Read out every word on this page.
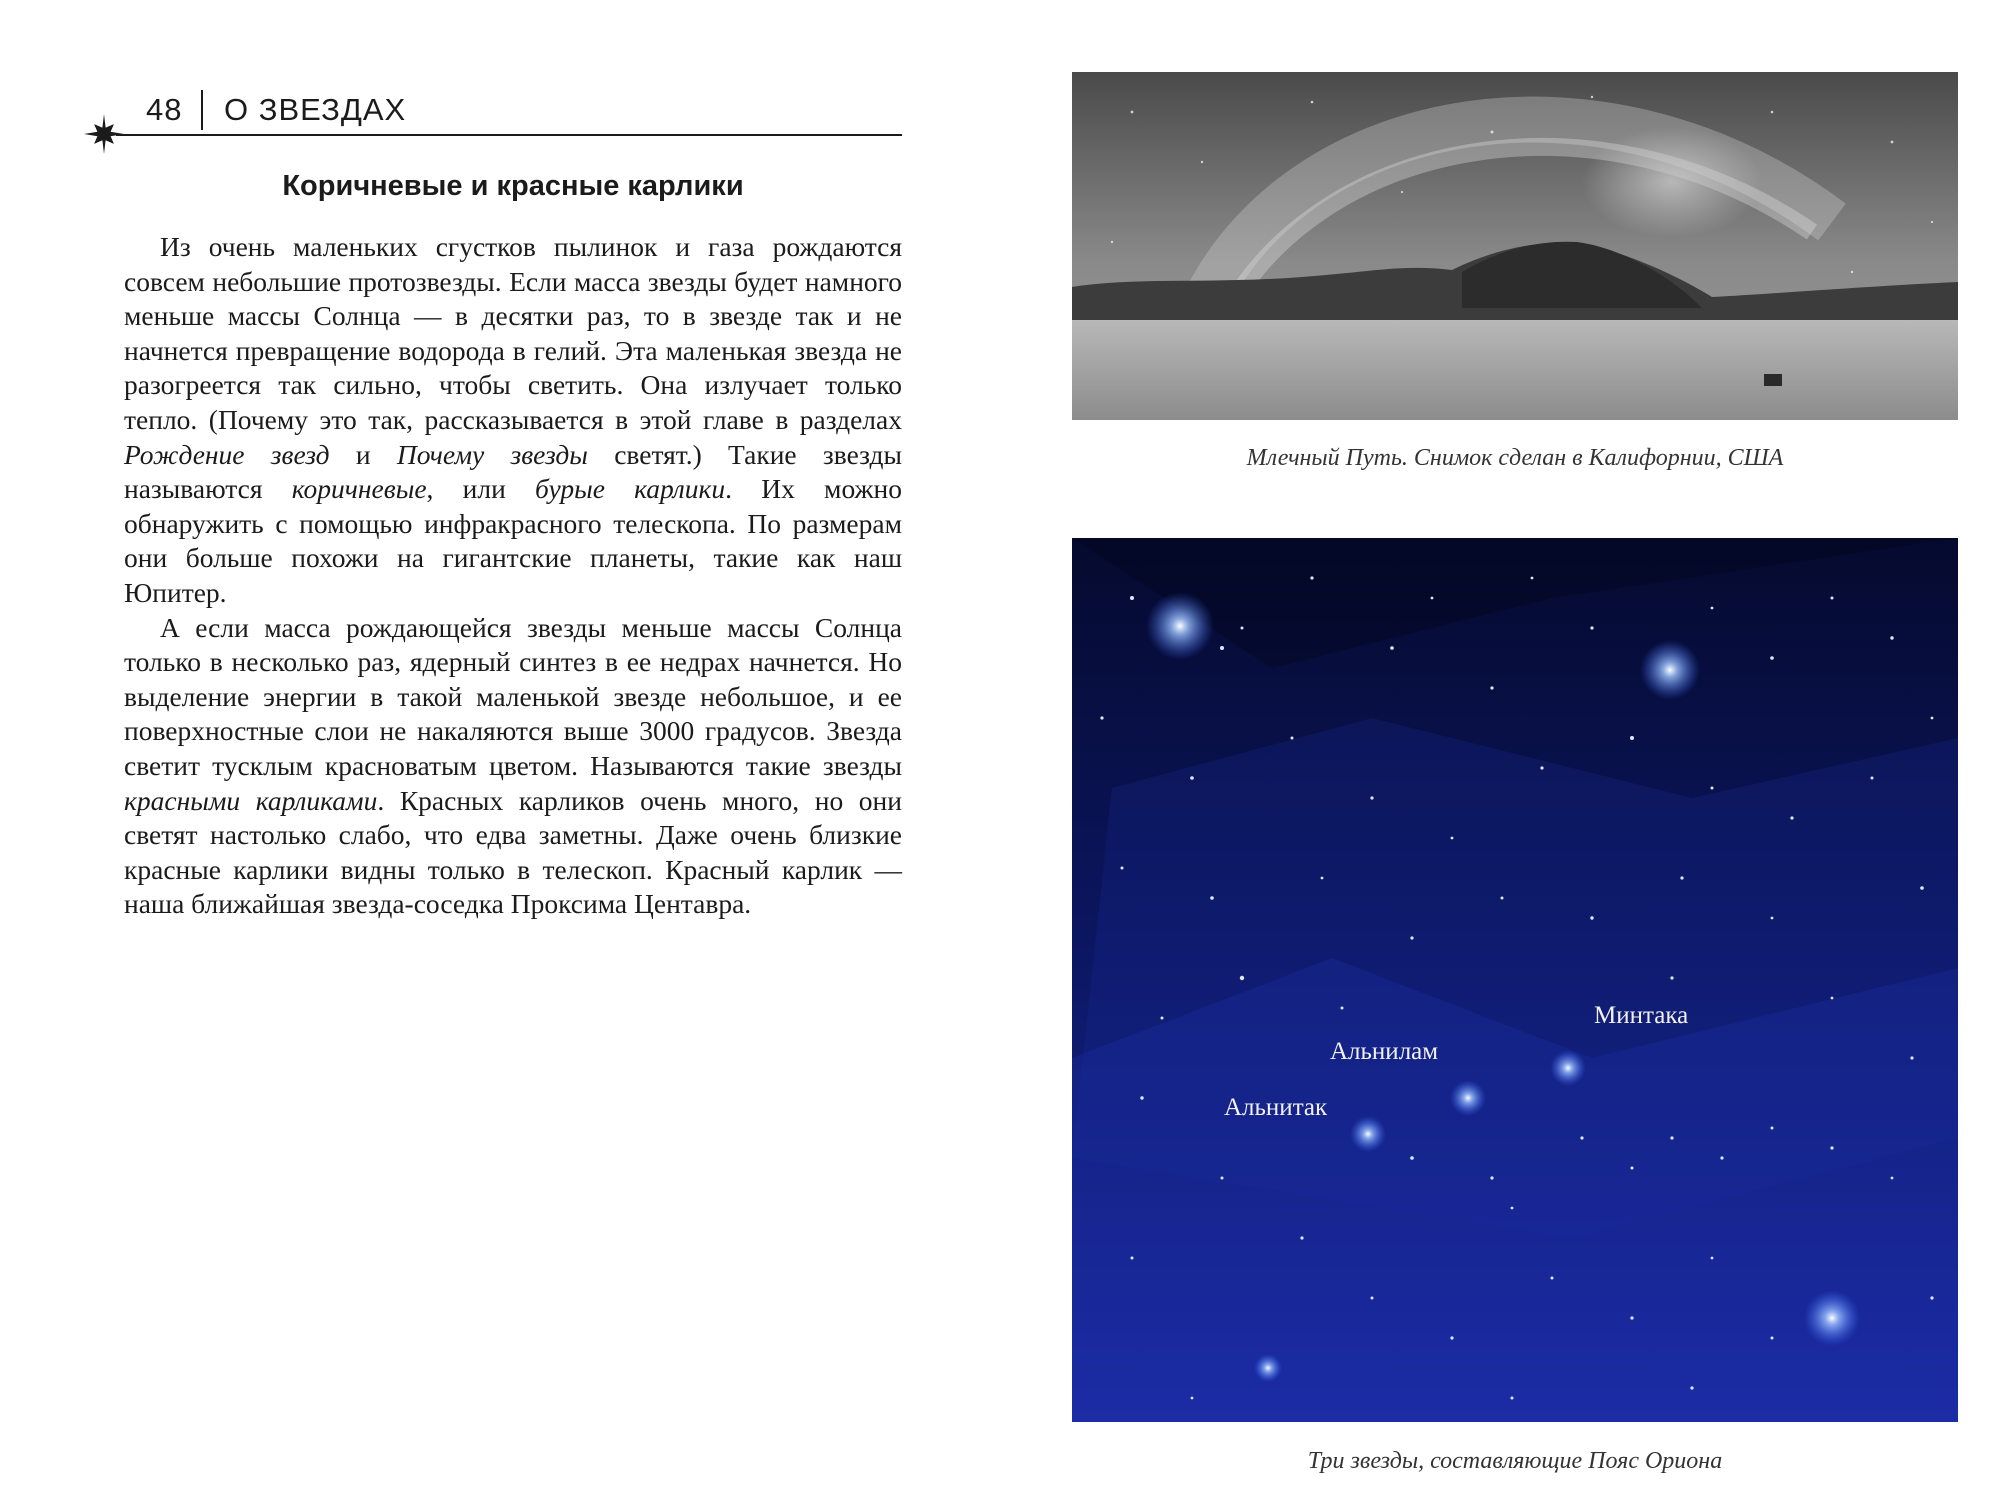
48 О ЗВЕЗДАХ
Коричневые и красные карлики

Из очень маленьких сгустков пылинок и газа рождаются совсем небольшие протозвезды. Если масса звезды будет намного меньше массы Солнца — в десятки раз, то в звезде так и не начнется превращение водорода в гелий. Эта маленькая звезда не разогреется так сильно, чтобы светить. Она излучает только тепло. (Почему это так, рассказывается в этой главе в разделах Рождение звезд и Почему звезды светят.) Такие звезды называются коричневые, или бурые карлики. Их можно обнаружить с помощью инфракрасного телескопа. По размерам они больше похожи на гигантские планеты, такие как наш Юпитер.

А если масса рождающейся звезды меньше массы Солнца только в несколько раз, ядерный синтез в ее недрах начнется. Но выделение энергии в такой маленькой звезде небольшое, и ее поверхностные слои не накаляются выше 3000 градусов. Звезда светит тусклым красноватым цветом. Называются такие звезды красными карликами. Красных карликов очень много, но они светят настолько слабо, что едва заметны. Даже очень близкие красные карлики видны только в телескоп. Красный карлик — наша ближайшая звезда-соседка Проксима Центавра.

Млечный Путь. Снимок сделан в Калифорнии, США
Минтака
Альнилам
Альнитак
Три звезды, составляющие Пояс Ориона
